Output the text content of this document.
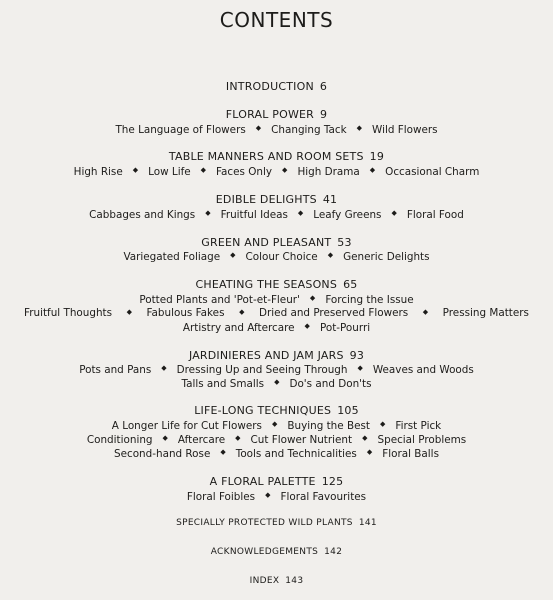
CONTENTS
INTRODUCTION 6
FLORAL POWER 9
The Language of Flowers ◆ Changing Tack ◆ Wild Flowers
TABLE MANNERS AND ROOM SETS 19
High Rise ◆ Low Life ◆ Faces Only ◆ High Drama ◆ Occasional Charm
EDIBLE DELIGHTS 41
Cabbages and Kings ◆ Fruitful Ideas ◆ Leafy Greens ◆ Floral Food
GREEN AND PLEASANT 53
Variegated Foliage ◆ Colour Choice ◆ Generic Delights
CHEATING THE SEASONS 65
Potted Plants and 'Pot-et-Fleur' ◆ Forcing the Issue
Fruitful Thoughts ◆ Fabulous Fakes ◆ Dried and Preserved Flowers ◆ Pressing Matters
Artistry and Aftercare ◆ Pot-Pourri
JARDINIERES AND JAM JARS 93
Pots and Pans ◆ Dressing Up and Seeing Through ◆ Weaves and Woods
Talls and Smalls ◆ Do's and Don'ts
LIFE-LONG TECHNIQUES 105
A Longer Life for Cut Flowers ◆ Buying the Best ◆ First Pick
Conditioning ◆ Aftercare ◆ Cut Flower Nutrient ◆ Special Problems
Second-hand Rose ◆ Tools and Technicalities ◆ Floral Balls
A FLORAL PALETTE 125
Floral Foibles ◆ Floral Favourites
SPECIALLY PROTECTED WILD PLANTS 141
ACKNOWLEDGEMENTS 142
INDEX 143
